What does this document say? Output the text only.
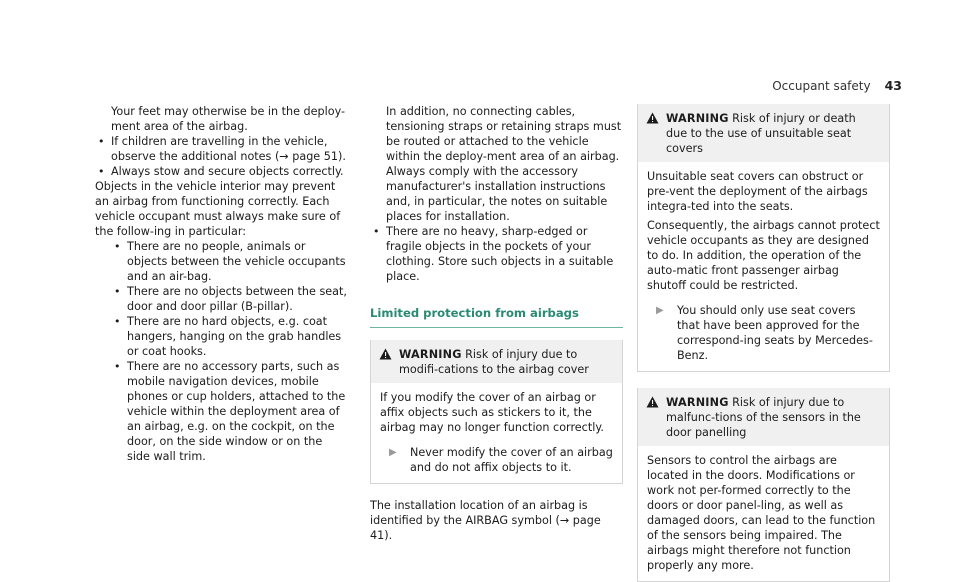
Occupant safety 43

Your feet may otherwise be in the deploy-ment area of the airbag.

• If children are travelling in the vehicle, observe the additional notes (→ page 51).
• Always stow and secure objects correctly.

Objects in the vehicle interior may prevent an airbag from functioning correctly. Each vehicle occupant must always make sure of the follow-ing in particular:

• There are no people, animals or objects between the vehicle occupants and an air-bag.
• There are no objects between the seat, door and door pillar (B-pillar).
• There are no hard objects, e.g. coat hangers, hanging on the grab handles or coat hooks.
• There are no accessory parts, such as mobile navigation devices, mobile phones or cup holders, attached to the vehicle within the deployment area of an airbag, e.g. on the cockpit, on the door, on the side window or on the side wall trim.

In addition, no connecting cables, tensioning straps or retaining straps must be routed or attached to the vehicle within the deploy-ment area of an airbag. Always comply with the accessory manufacturer's installation instructions and, in particular, the notes on suitable places for installation.

• There are no heavy, sharp-edged or fragile objects in the pockets of your clothing. Store such objects in a suitable place.
Limited protection from airbags
WARNING Risk of injury due to modifi-cations to the airbag cover

If you modify the cover of an airbag or affix objects such as stickers to it, the airbag may no longer function correctly.

▶ Never modify the cover of an airbag and do not affix objects to it.

The installation location of an airbag is identified by the AIRBAG symbol (→ page 41).

WARNING Risk of injury or death due to the use of unsuitable seat covers

Unsuitable seat covers can obstruct or pre-vent the deployment of the airbags integra-ted into the seats.

Consequently, the airbags cannot protect vehicle occupants as they are designed to do. In addition, the operation of the auto-matic front passenger airbag shutoff could be restricted.

▶ You should only use seat covers that have been approved for the correspond-ing seats by Mercedes-Benz.
WARNING Risk of injury due to malfunc-tions of the sensors in the door panelling

Sensors to control the airbags are located in the doors. Modifications or work not per-formed correctly to the doors or door panel-ling, as well as damaged doors, can lead to the function of the sensors being impaired. The airbags might therefore not function properly any more.
